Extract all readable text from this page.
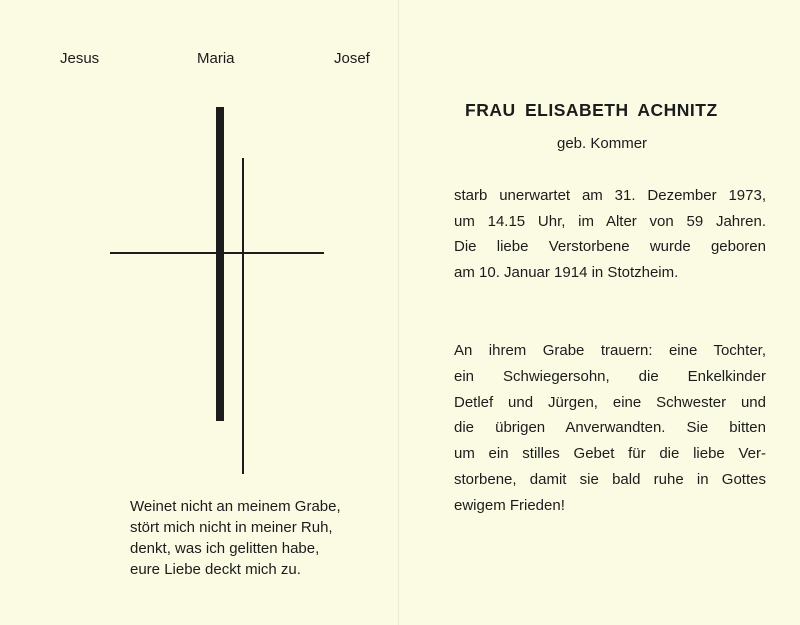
Jesus	Maria	Josef
Weinet nicht an meinem Grabe,
stört mich nicht in meiner Ruh,
denkt, was ich gelitten habe,
eure Liebe deckt mich zu.
FRAU ELISABETH ACHNITZ
geb. Kommer
starb unerwartet am 31. Dezember 1973,
um 14.15 Uhr, im Alter von 59 Jahren.
Die liebe Verstorbene wurde geboren
am 10. Januar 1914 in Stotzheim.
An ihrem Grabe trauern: eine Tochter,
ein Schwiegersohn, die Enkelkinder
Detlef und Jürgen, eine Schwester und
die übrigen Anverwandten. Sie bitten
um ein stilles Gebet für die liebe Ver-
storbene, damit sie bald ruhe in Gottes
ewigem Frieden!
